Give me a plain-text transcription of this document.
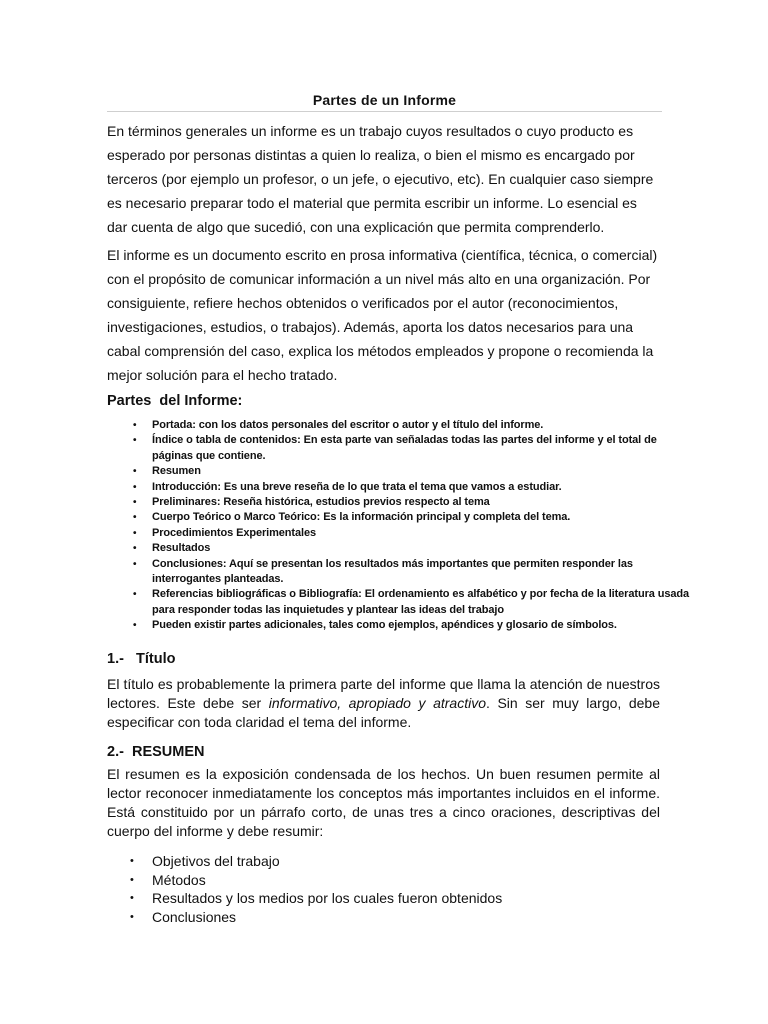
Partes de un Informe

En términos generales un informe es un trabajo cuyos resultados o cuyo producto es esperado por personas distintas a quien lo realiza, o bien el mismo es encargado por terceros (por ejemplo un profesor, o un jefe, o ejecutivo, etc). En cualquier caso siempre es necesario preparar todo el material que permita escribir un informe. Lo esencial es dar cuenta de algo que sucedió, con una explicación que permita comprenderlo.

El informe es un documento escrito en prosa informativa (científica, técnica, o comercial) con el propósito de comunicar información a un nivel más alto en una organización. Por consiguiente, refiere hechos obtenidos o verificados por el autor (reconocimientos, investigaciones, estudios, o trabajos). Además, aporta los datos necesarios para una cabal comprensión del caso, explica los métodos empleados y propone o recomienda la mejor solución para el hecho tratado.

Partes  del Informe:
• Portada: con los datos personales del escritor o autor y el título del informe.
• Índice o tabla de contenidos: En esta parte van señaladas todas las partes del informe y el total de páginas que contiene.
• Resumen
• Introducción: Es una breve reseña de lo que trata el tema que vamos a estudiar.
• Preliminares: Reseña histórica, estudios previos respecto al tema
• Cuerpo Teórico o Marco Teórico: Es la información principal y completa del tema.
• Procedimientos Experimentales
• Resultados
• Conclusiones: Aquí se presentan los resultados más importantes que permiten responder las interrogantes planteadas.
• Referencias bibliográficas o Bibliografía: El ordenamiento es alfabético y por fecha de la literatura usada para responder todas las inquietudes y plantear las ideas del trabajo
• Pueden existir partes adicionales, tales como ejemplos, apéndices y glosario de símbolos.
1.-   Título

El título es probablemente la primera parte del informe que llama la atención de nuestros lectores. Este debe ser informativo, apropiado y atractivo. Sin ser muy largo, debe especificar con toda claridad el tema del informe.

2.-  RESUMEN

El resumen es la exposición condensada de los hechos. Un buen resumen permite al lector reconocer inmediatamente los conceptos más importantes incluidos en el informe. Está constituido por un párrafo corto, de unas tres a cinco oraciones, descriptivas del cuerpo del informe y debe resumir:

• Objetivos del trabajo
• Métodos
• Resultados y los medios por los cuales fueron obtenidos
• Conclusiones
